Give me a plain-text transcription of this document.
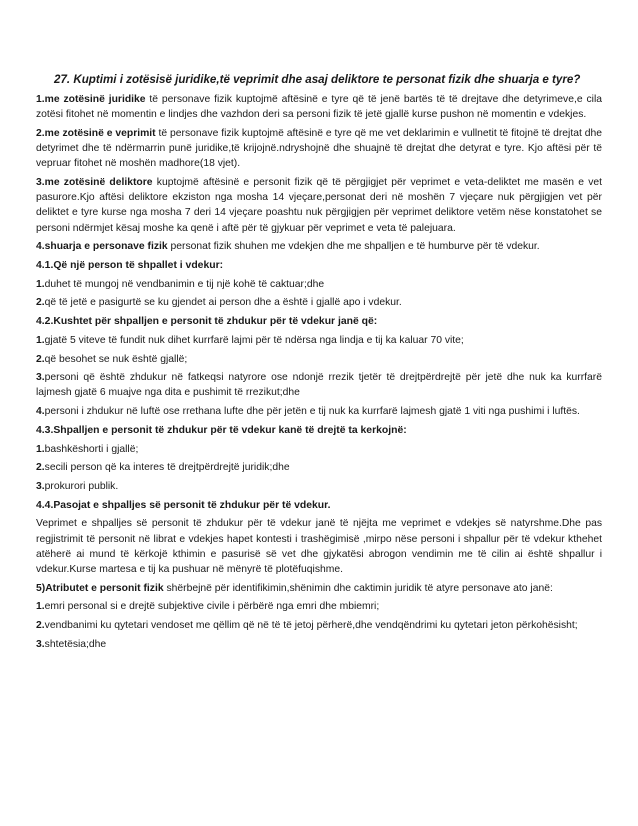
27. Kuptimi i zotësisë juridike,të veprimit dhe asaj deliktore te personat fizik dhe shuarja e tyre?
1.me zotësinë juridike të personave fizik kuptojmë aftësinë e tyre që të jenë bartës të të drejtave dhe detyrimeve,e cila zotësi fitohet në momentin e lindjes dhe vazhdon deri sa personi fizik të jetë gjallë kurse pushon në momentin e vdekjes.
2.me zotësinë e veprimit të personave fizik kuptojmë aftësinë e tyre që me vet deklarimin e vullnetit të fitojnë të drejtat dhe detyrimet dhe të ndërmarrin punë juridike,të krijojnë.ndryshojnë dhe shuajnë të drejtat dhe detyrat e tyre. Kjo aftësi për të vepruar fitohet në moshën madhore(18 vjet).
3.me zotësinë deliktore kuptojmë aftësinë e personit fizik që të përgjigjet për veprimet e veta-deliktet me masën e vet pasurore.Kjo aftësi deliktore ekziston nga mosha 14 vjeçare,personat deri në moshën 7 vjeçare nuk përgjigjen vet për deliktet e tyre kurse nga mosha 7 deri 14 vjeçare poashtu nuk përgjigjen për veprimet deliktore vetëm nëse konstatohet se personi ndërmjet kësaj moshe ka qenë i aftë për të gjykuar për veprimet e veta të palejuara.
4.shuarja e personave fizik personat fizik shuhen me vdekjen dhe me shpalljen e të humburve për të vdekur.
4.1.Që një person të shpallet i vdekur:
1.duhet të mungoj në vendbanimin e tij një kohë të caktuar;dhe
2.që të jetë e pasigurtë se ku gjendet ai person dhe a është i gjallë apo i vdekur.
4.2.Kushtet për shpalljen e personit të zhdukur për të vdekur janë që:
1.gjatë 5 viteve të fundit nuk dihet kurrfarë lajmi për të ndërsa nga lindja e tij ka kaluar 70 vite;
2.që besohet se nuk është gjallë;
3.personi që është zhdukur në fatkeqsi natyrore ose ndonjë rrezik tjetër të drejtpërdrejtë për jetë dhe nuk ka kurrfarë lajmesh gjatë 6 muajve nga dita e pushimit të rrezikut;dhe
4.personi i zhdukur në luftë ose rrethana lufte dhe për jetën e tij nuk ka kurrfarë lajmesh gjatë 1 viti nga pushimi i luftës.
4.3.Shpalljen e personit të zhdukur për të vdekur kanë të drejtë ta kerkojnë:
1.bashkëshorti i gjallë;
2.secili person që ka interes të drejtpërdrejtë juridik;dhe
3.prokurori publik.
4.4.Pasojat e shpalljes së personit të zhdukur për të vdekur.
Veprimet e shpalljes së personit të zhdukur për të vdekur janë të njëjta me veprimet e vdekjes së natyrshme.Dhe pas regjistrimit të personit në librat e vdekjes hapet kontesti i trashëgimisë ,mirpo nëse personi i shpallur për të vdekur kthehet atëherë ai mund të kërkojë kthimin e pasurisë së vet dhe gjykatësi abrogon vendimin me të cilin ai është shpallur i vdekur.Kurse martesa e tij ka pushuar në mënyrë të plotëfuqishme.
5)Atributet e personit fizik shërbejnë për identifikimin,shënimin dhe caktimin juridik të atyre personave ato janë:
1.emri personal si e drejtë subjektive civile i përbërë nga emri dhe mbiemri;
2.vendbanimi ku qytetari vendoset me qëllim që në të të jetoj përherë,dhe vendqëndrimi ku qytetari jeton përkohësisht;
3.shtetësia;dhe
